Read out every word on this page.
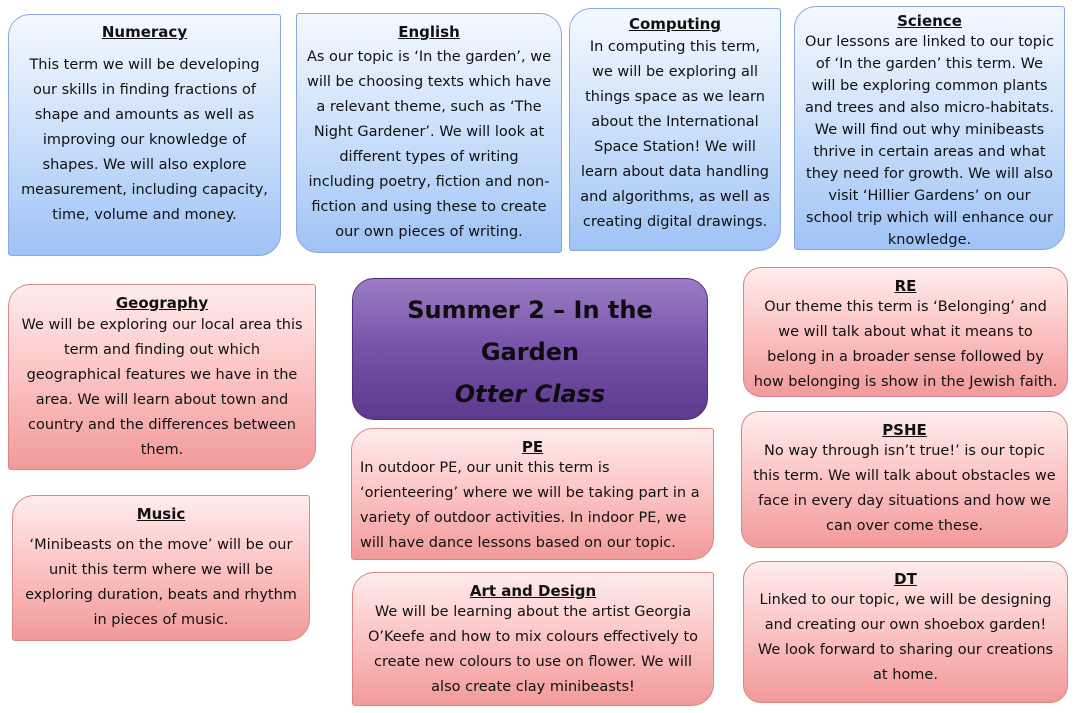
Numeracy
This term we will be developing our skills in finding fractions of shape and amounts as well as improving our knowledge of shapes. We will also explore measurement, including capacity, time, volume and money.
English
As our topic is ‘In the garden’, we will be choosing texts which have a relevant theme, such as ‘The Night Gardener’. We will look at different types of writing including poetry, fiction and non-fiction and using these to create our own pieces of writing.
Computing
In computing this term, we will be exploring all things space as we learn about the International Space Station! We will learn about data handling and algorithms, as well as creating digital drawings.
Science
Our lessons are linked to our topic of ‘In the garden’ this term. We will be exploring common plants and trees and also micro-habitats. We will find out why minibeasts thrive in certain areas and what they need for growth. We will also visit ‘Hillier Gardens’ on our school trip which will enhance our knowledge.
Summer 2 – In the
Garden
Otter Class
Geography
We will be exploring our local area this term and finding out which geographical features we have in the area. We will learn about town and country and the differences between them.
Music
‘Minibeasts on the move’ will be our unit this term where we will be exploring duration, beats and rhythm in pieces of music.
PE
In outdoor PE, our unit this term is ‘orienteering’ where we will be taking part in a variety of outdoor activities. In indoor PE, we will have dance lessons based on our topic.
Art and Design
We will be learning about the artist Georgia O’Keefe and how to mix colours effectively to create new colours to use on flower. We will also create clay minibeasts!
RE
Our theme this term is ‘Belonging’ and we will talk about what it means to belong in a broader sense followed by how belonging is show in the Jewish faith.
PSHE
No way through isn’t true!’ is our topic this term. We will talk about obstacles we face in every day situations and how we can over come these.
DT
Linked to our topic, we will be designing and creating our own shoebox garden! We look forward to sharing our creations at home.
